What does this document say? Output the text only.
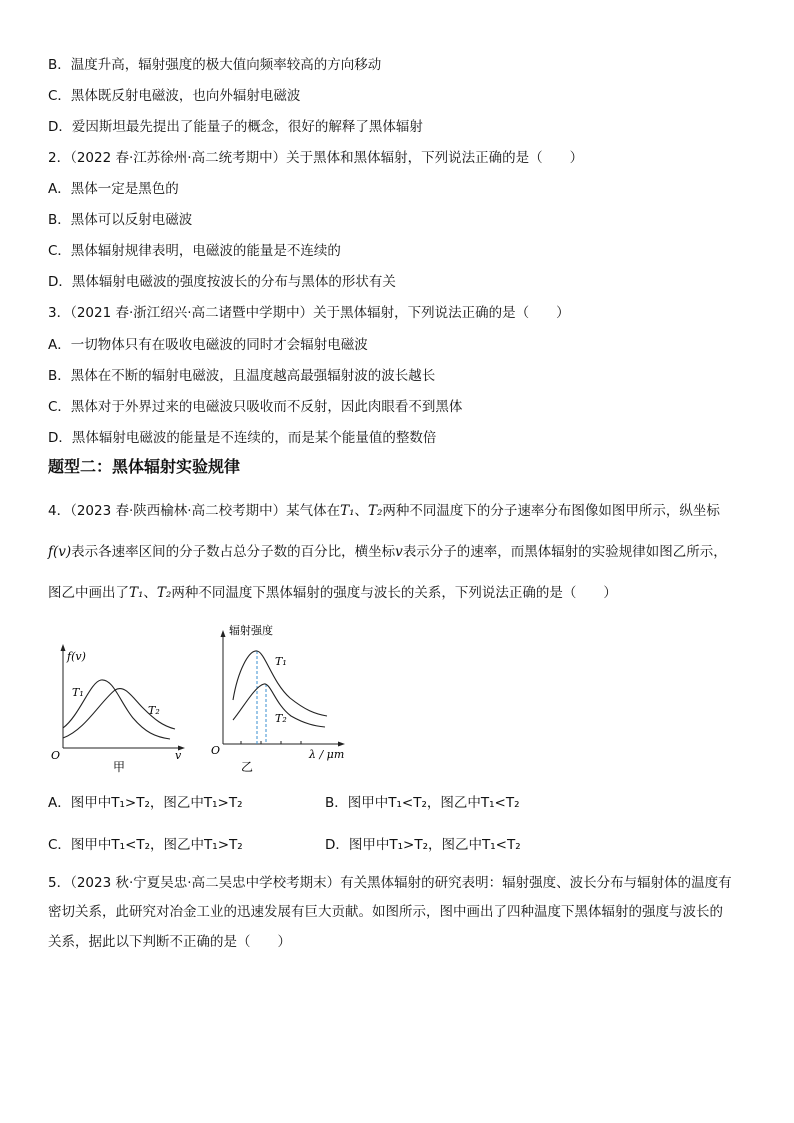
B．温度升高，辐射强度的极大值向频率较高的方向移动
C．黑体既反射电磁波，也向外辐射电磁波
D．爱因斯坦最先提出了能量子的概念，很好的解释了黑体辐射
2．（2022 春·江苏徐州·高二统考期中）关于黑体和黑体辐射，下列说法正确的是（　　）
A．黑体一定是黑色的
B．黑体可以反射电磁波
C．黑体辐射规律表明，电磁波的能量是不连续的
D．黑体辐射电磁波的强度按波长的分布与黑体的形状有关
3．（2021 春·浙江绍兴·高二诸暨中学期中）关于黑体辐射，下列说法正确的是（　　）
A．一切物体只有在吸收电磁波的同时才会辐射电磁波
B．黑体在不断的辐射电磁波，且温度越高最强辐射波的波长越长
C．黑体对于外界过来的电磁波只吸收而不反射，因此肉眼看不到黑体
D．黑体辐射电磁波的能量是不连续的，而是某个能量值的整数倍
题型二：黑体辐射实验规律
4．（2023 春·陕西榆林·高二校考期中）某气体在T₁、T₂两种不同温度下的分子速率分布图像如图甲所示，纵坐标
f(v)表示各速率区间的分子数占总分子数的百分比，横坐标v表示分子的速率，而黑体辐射的实验规律如图乙所示，
图乙中画出了T₁、T₂两种不同温度下黑体辐射的强度与波长的关系，下列说法正确的是（　　）
f(v)
T₁
T₂
O	v
甲
辐射强度
T₁
T₂
O	λ / μm
乙
A．图甲中T₁>T₂，图乙中T₁>T₂	B．图甲中T₁<T₂，图乙中T₁<T₂
C．图甲中T₁<T₂，图乙中T₁>T₂	D．图甲中T₁>T₂，图乙中T₁<T₂
5．（2023 秋·宁夏吴忠·高二吴忠中学校考期末）有关黑体辐射的研究表明：辐射强度、波长分布与辐射体的温度有
密切关系，此研究对冶金工业的迅速发展有巨大贡献。如图所示，图中画出了四种温度下黑体辐射的强度与波长的
关系，据此以下判断不正确的是（　　）
